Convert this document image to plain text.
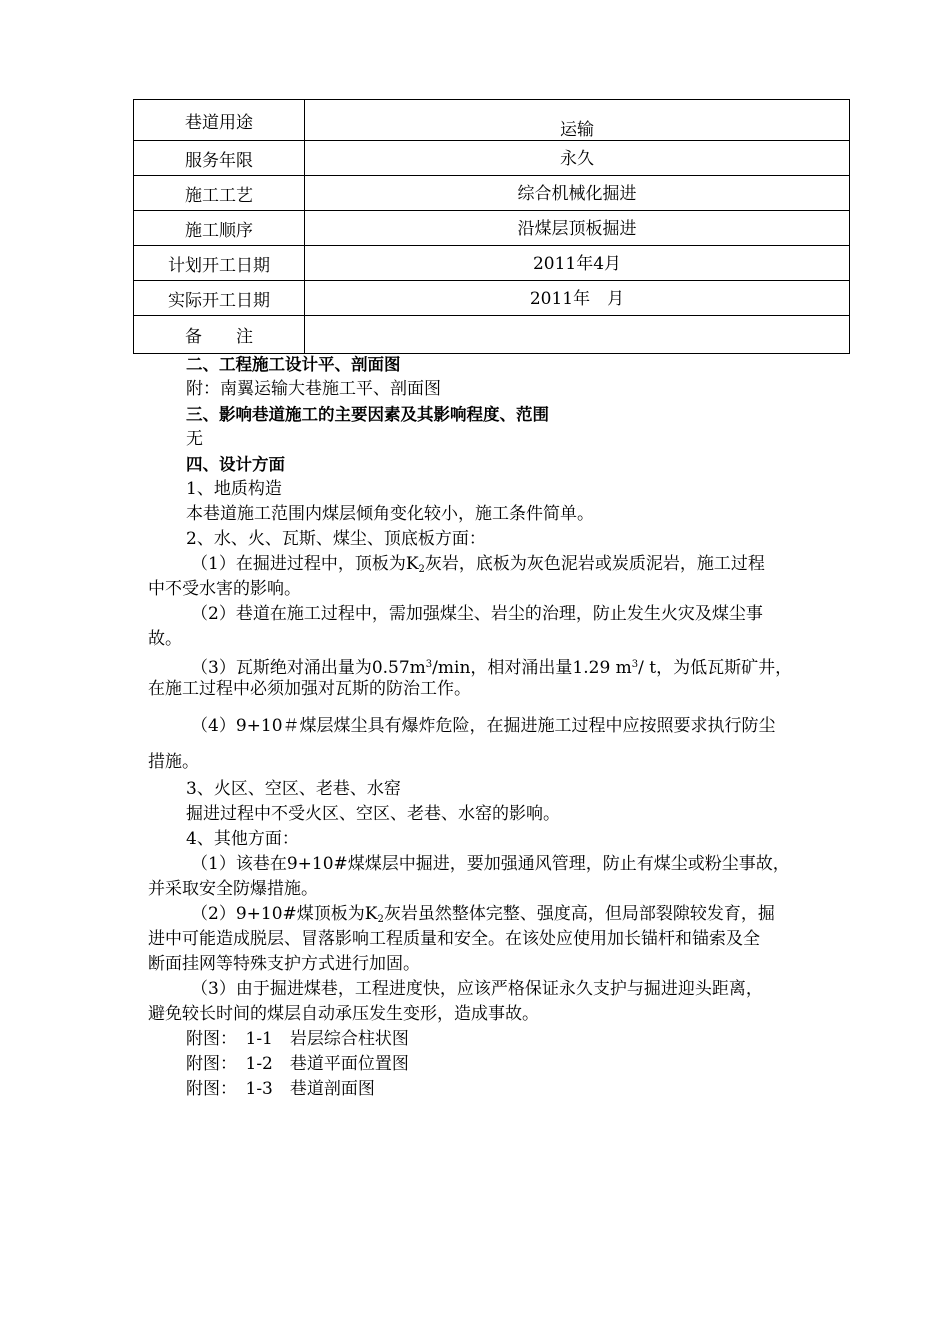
巷道用途	运输
服务年限	永久
施工工艺	综合机械化掘进
施工顺序	沿煤层顶板掘进
计划开工日期	2011年4月
实际开工日期	2011年　月
备　　注	
二、工程施工设计平、剖面图
附：南翼运输大巷施工平、剖面图
三、影响巷道施工的主要因素及其影响程度、范围
无
四、设计方面
1、地质构造
本巷道施工范围内煤层倾角变化较小，施工条件简单。
2、水、火、瓦斯、煤尘、顶底板方面：
（1）在掘进过程中，顶板为$K_2$灰岩，底板为灰色泥岩或炭质泥岩，施工过程
中不受水害的影响。
（2）巷道在施工过程中，需加强煤尘、岩尘的治理，防止发生火灾及煤尘事
故。
（3）瓦斯绝对涌出量为$0.57m^3/\min$，相对涌出量1.29 $m^3/$ t，为低瓦斯矿井，
在施工过程中必须加强对瓦斯的防治工作。
（4）9+10＃煤层煤尘具有爆炸危险，在掘进施工过程中应按照要求执行防尘
措施。
3、火区、空区、老巷、水窑
掘进过程中不受火区、空区、老巷、水窑的影响。
4、其他方面：
（1）该巷在9+10#煤煤层中掘进，要加强通风管理，防止有煤尘或粉尘事故，
并采取安全防爆措施。
（2）9+10#煤顶板为$K_2$灰岩虽然整体完整、强度高，但局部裂隙较发育，掘
进中可能造成脱层、冒落影响工程质量和安全。在该处应使用加长锚杆和锚索及全
断面挂网等特殊支护方式进行加固。
（3）由于掘进煤巷，工程进度快，应该严格保证永久支护与掘进迎头距离，
避免较长时间的煤层自动承压发生变形，造成事故。
附图：　1-1　岩层综合柱状图
附图：　1-2　巷道平面位置图
附图：　1-3　巷道剖面图
